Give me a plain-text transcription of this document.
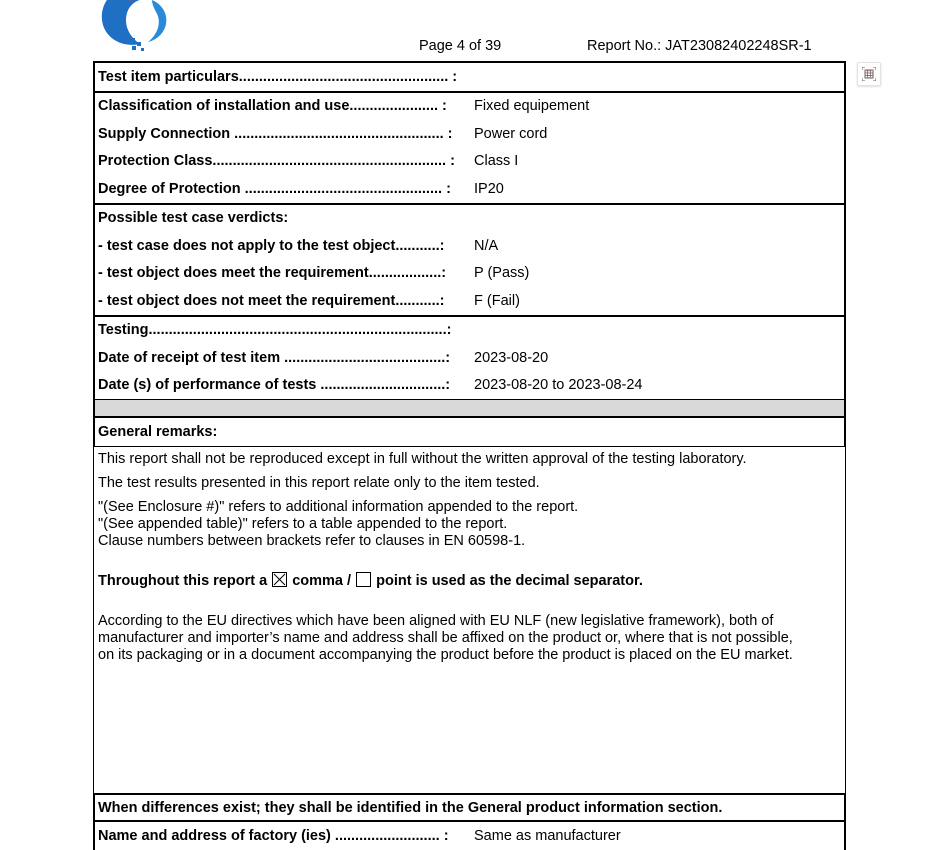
Page 4 of 39	Report No.: JAT23082402248SR-1
Test item particulars.................................................... :
Classification of installation and use...................... :	Fixed equipement
Supply Connection .................................................... :	Power cord
Protection Class.......................................................... :	Class I
Degree of Protection ................................................. :	IP20
Possible test case verdicts:
- test case does not apply to the test object...........:	N/A
- test object does meet the requirement..................:	P (Pass)
- test object does not meet the requirement...........:	F (Fail)
Testing..........................................................................:
Date of receipt of test item ........................................:	2023-08-20
Date (s) of performance of tests ...............................:	2023-08-20 to 2023-08-24
General remarks:

This report shall not be reproduced except in full without the written approval of the testing laboratory.

The test results presented in this report relate only to the item tested.

"(See Enclosure #)" refers to additional information appended to the report.

"(See appended table)" refers to a table appended to the report.

Clause numbers between brackets refer to clauses in EN 60598-1.

Throughout this report a comma / point is used as the decimal separator.

According to the EU directives which have been aligned with EU NLF (new legislative framework), both of

manufacturer and importer’s name and address shall be affixed on the product or, where that is not possible,

on its packaging or in a document accompanying the product before the product is placed on the EU market.

When differences exist; they shall be identified in the General product information section.
Name and address of factory (ies) .......................... :	Same as manufacturer
